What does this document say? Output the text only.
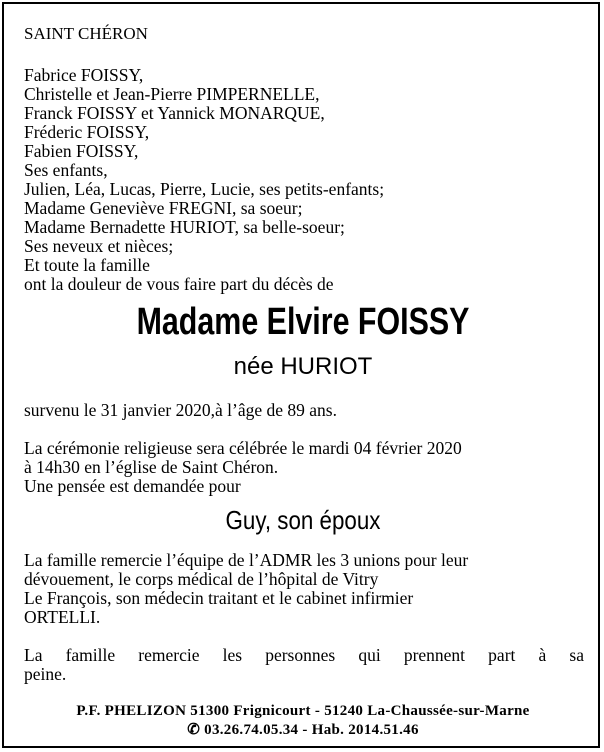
SAINT CHÉRON
Fabrice FOISSY,
Christelle et Jean-Pierre PIMPERNELLE,
Franck FOISSY et Yannick MONARQUE,
Fréderic FOISSY,
Fabien FOISSY,
Ses enfants,
Julien, Léa, Lucas, Pierre, Lucie, ses petits-enfants;
Madame Geneviève FREGNI, sa soeur;
Madame Bernadette HURIOT, sa belle-soeur;
Ses neveux et nièces;
Et toute la famille
ont la douleur de vous faire part du décès de
Madame Elvire FOISSY
née HURIOT
survenu le 31 janvier 2020,à l’âge de 89 ans.
La cérémonie religieuse sera célébrée le mardi 04 février 2020
à 14h30 en l’église de Saint Chéron.
Une pensée est demandée pour
Guy, son époux
La famille remercie l’équipe de l’ADMR les 3 unions pour leur
dévouement, le corps médical de l’hôpital de Vitry
Le François, son médecin traitant et le cabinet infirmier
ORTELLI.
La famille remercie les personnes qui prennent part à sa
peine.
P.F. PHELIZON 51300 Frignicourt - 51240 La-Chaussée-sur-Marne
✆ 03.26.74.05.34 - Hab. 2014.51.46
